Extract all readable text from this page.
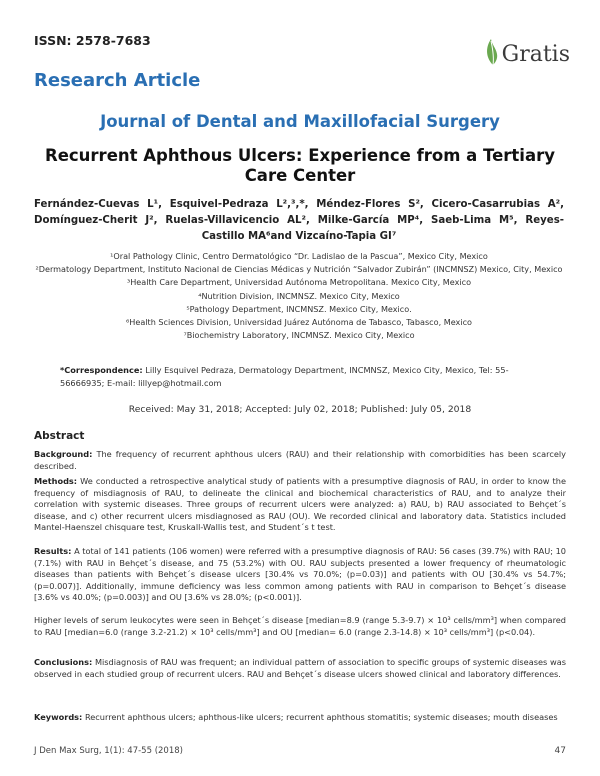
ISSN: 2578-7683
Gratis
Research Article
Journal of Dental and Maxillofacial Surgery
Recurrent Aphthous Ulcers: Experience from a Tertiary Care Center
Fernández-Cuevas L¹, Esquivel-Pedraza L²,³,*, Méndez-Flores S², Cicero-Casarrubias A², Domínguez-Cherit J², Ruelas-Villavicencio AL², Milke-García MP⁴, Saeb-Lima M⁵, Reyes-Castillo MA⁶and Vizcaíno-Tapia GI⁷
¹Oral Pathology Clinic, Centro Dermatológico “Dr. Ladislao de la Pascua”, Mexico City, Mexico
²Dermatology Department, Instituto Nacional de Ciencias Médicas y Nutrición “Salvador Zubirán” (INCMNSZ) Mexico, City, Mexico
³Health Care Department, Universidad Autónoma Metropolitana. Mexico City, Mexico
⁴Nutrition Division, INCMNSZ. Mexico City, Mexico
⁵Pathology Department, INCMNSZ. Mexico City, Mexico.
⁶Health Sciences Division, Universidad Juárez Autónoma de Tabasco, Tabasco, Mexico
⁷Biochemistry Laboratory, INCMNSZ. Mexico City, Mexico
*Correspondence: Lilly Esquivel Pedraza, Dermatology Department, INCMNSZ, Mexico City, Mexico, Tel: 55-56666935; E-mail: lillyep@hotmail.com
Received: May 31, 2018; Accepted: July 02, 2018; Published: July 05, 2018
Abstract
Background: The frequency of recurrent aphthous ulcers (RAU) and their relationship with comorbidities has been scarcely described.
Methods: We conducted a retrospective analytical study of patients with a presumptive diagnosis of RAU, in order to know the frequency of misdiagnosis of RAU, to delineate the clinical and biochemical characteristics of RAU, and to analyze their correlation with systemic diseases. Three groups of recurrent ulcers were analyzed: a) RAU, b) RAU associated to Behçet´s disease, and c) other recurrent ulcers misdiagnosed as RAU (OU). We recorded clinical and laboratory data. Statistics included Mantel-Haenszel chisquare test, Kruskall-Wallis test, and Student´s t test.
Results: A total of 141 patients (106 women) were referred with a presumptive diagnosis of RAU: 56 cases (39.7%) with RAU; 10 (7.1%) with RAU in Behçet´s disease, and 75 (53.2%) with OU. RAU subjects presented a lower frequency of rheumatologic diseases than patients with Behçet´s disease ulcers [30.4% vs 70.0%; (p=0.03)] and patients with OU [30.4% vs 54.7%; (p=0.007)]. Additionally, immune deficiency was less common among patients with RAU in comparison to Behçet´s disease [3.6% vs 40.0%; (p=0.003)] and OU [3.6% vs 28.0%; (p<0.001)].
Higher levels of serum leukocytes were seen in Behçet´s disease [median=8.9 (range 5.3-9.7) × 10³ cells/mm³] when compared to RAU [median=6.0 (range 3.2-21.2) × 10³ cells/mm³] and OU [median= 6.0 (range 2.3-14.8) × 10³ cells/mm³] (p<0.04).
Conclusions: Misdiagnosis of RAU was frequent; an individual pattern of association to specific groups of systemic diseases was observed in each studied group of recurrent ulcers. RAU and Behçet´s disease ulcers showed clinical and laboratory differences.
Keywords: Recurrent aphthous ulcers; aphthous-like ulcers; recurrent aphthous stomatitis; systemic diseases; mouth diseases
J Den Max Surg, 1(1): 47-55 (2018)	47
